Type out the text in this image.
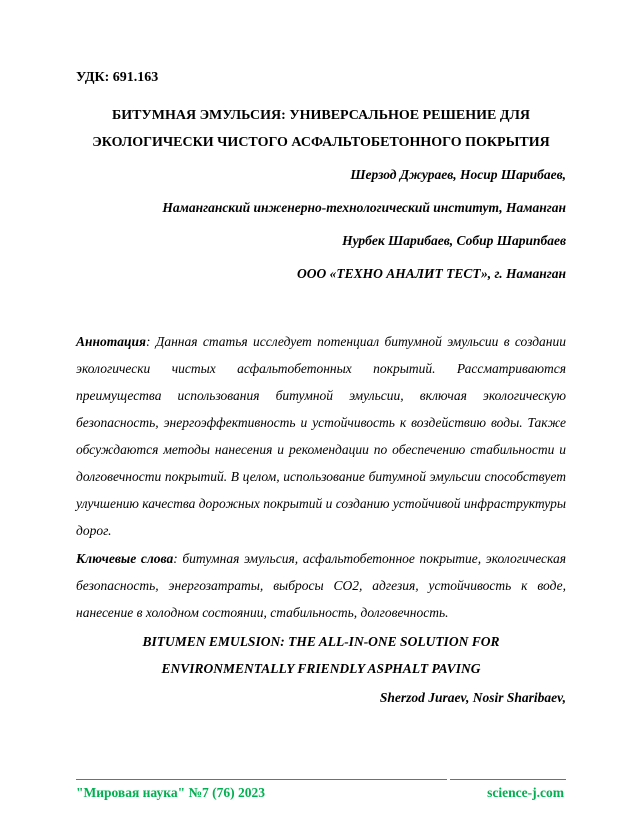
УДК: 691.163
БИТУМНАЯ ЭМУЛЬСИЯ: УНИВЕРСАЛЬНОЕ РЕШЕНИЕ ДЛЯ
ЭКОЛОГИЧЕСКИ ЧИСТОГО АСФАЛЬТОБЕТОННОГО ПОКРЫТИЯ
Шерзод Джураев, Носир Шарибаев,
Наманганский инженерно-технологический институт, Наманган
Нурбек Шарибаев, Собир Шарипбаев
ООО «ТЕХНО АНАЛИТ ТЕСТ», г. Наманган

Аннотация: Данная статья исследует потенциал битумной эмульсии в создании экологически чистых асфальтобетонных покрытий. Рассматриваются преимущества использования битумной эмульсии, включая экологическую безопасность, энергоэффективность и устойчивость к воздействию воды. Также обсуждаются методы нанесения и рекомендации по обеспечению стабильности и долговечности покрытий. В целом, использование битумной эмульсии способствует улучшению качества дорожных покрытий и созданию устойчивой инфраструктуры дорог.

Ключевые слова: битумная эмульсия, асфальтобетонное покрытие, экологическая безопасность, энергозатраты, выбросы CO2, адгезия, устойчивость к воде, нанесение в холодном состоянии, стабильность, долговечность.

BITUMEN EMULSION: THE ALL-IN-ONE SOLUTION FOR
ENVIRONMENTALLY FRIENDLY ASPHALT PAVING
Sherzod Juraev, Nosir Sharibaev,
"Мировая наука" №7 (76) 2023	science-j.com
